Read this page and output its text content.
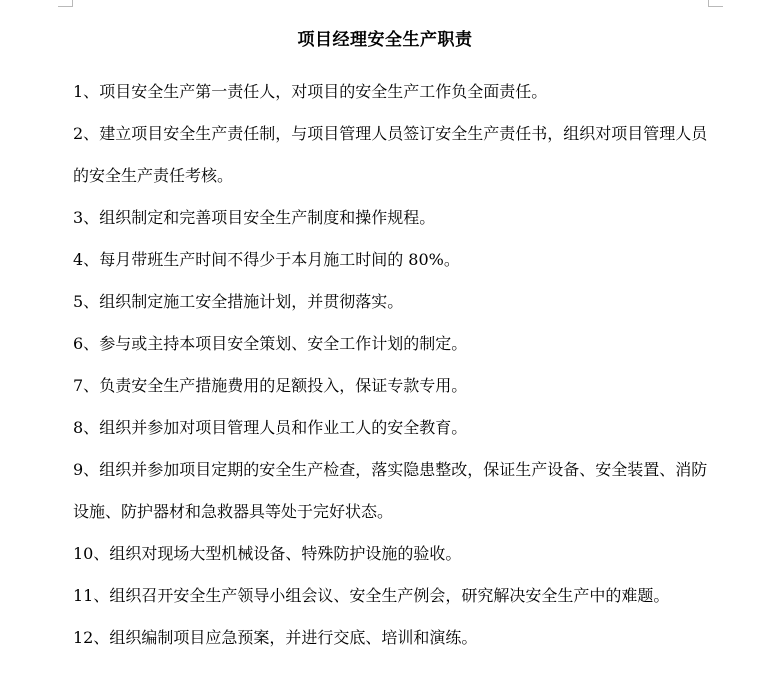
项目经理安全生产职责
1、项目安全生产第一责任人，对项目的安全生产工作负全面责任。
2、建立项目安全生产责任制，与项目管理人员签订安全生产责任书，组织对项目管理人员的安全生产责任考核。
3、组织制定和完善项目安全生产制度和操作规程。
4、每月带班生产时间不得少于本月施工时间的 80%。
5、组织制定施工安全措施计划，并贯彻落实。
6、参与或主持本项目安全策划、安全工作计划的制定。
7、负责安全生产措施费用的足额投入，保证专款专用。
8、组织并参加对项目管理人员和作业工人的安全教育。
9、组织并参加项目定期的安全生产检查，落实隐患整改，保证生产设备、安全装置、消防设施、防护器材和急救器具等处于完好状态。
10、组织对现场大型机械设备、特殊防护设施的验收。
11、组织召开安全生产领导小组会议、安全生产例会，研究解决安全生产中的难题。
12、组织编制项目应急预案，并进行交底、培训和演练。
